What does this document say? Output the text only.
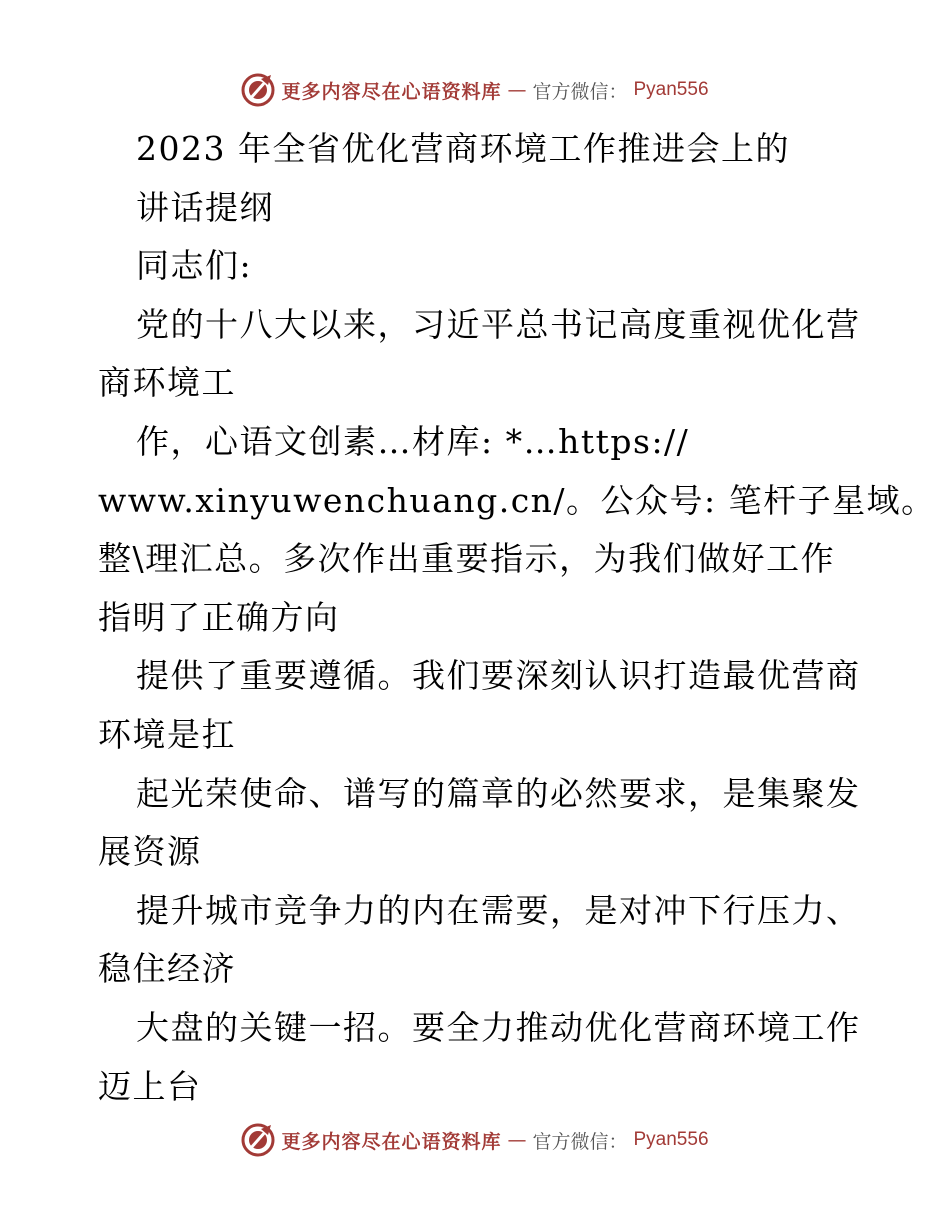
更多内容尽在心语资料库 — 官方微信： Pyan556
2023 年全省优化营商环境工作推进会上的
讲话提纲
同志们:
党的十八大以来，习近平总书记高度重视优化营
商环境工
作，心语文创素…材库: *…https://
www.xinyuwenchuang.cn/。公众号: 笔杆子星域。
整\理汇总。多次作出重要指示，为我们做好工作
指明了正确方向
提供了重要遵循。我们要深刻认识打造最优营商
环境是扛
起光荣使命、谱写的篇章的必然要求，是集聚发
展资源
提升城市竞争力的内在需要，是对冲下行压力、
稳住经济
大盘的关键一招。要全力推动优化营商环境工作
迈上台
更多内容尽在心语资料库 — 官方微信： Pyan556
